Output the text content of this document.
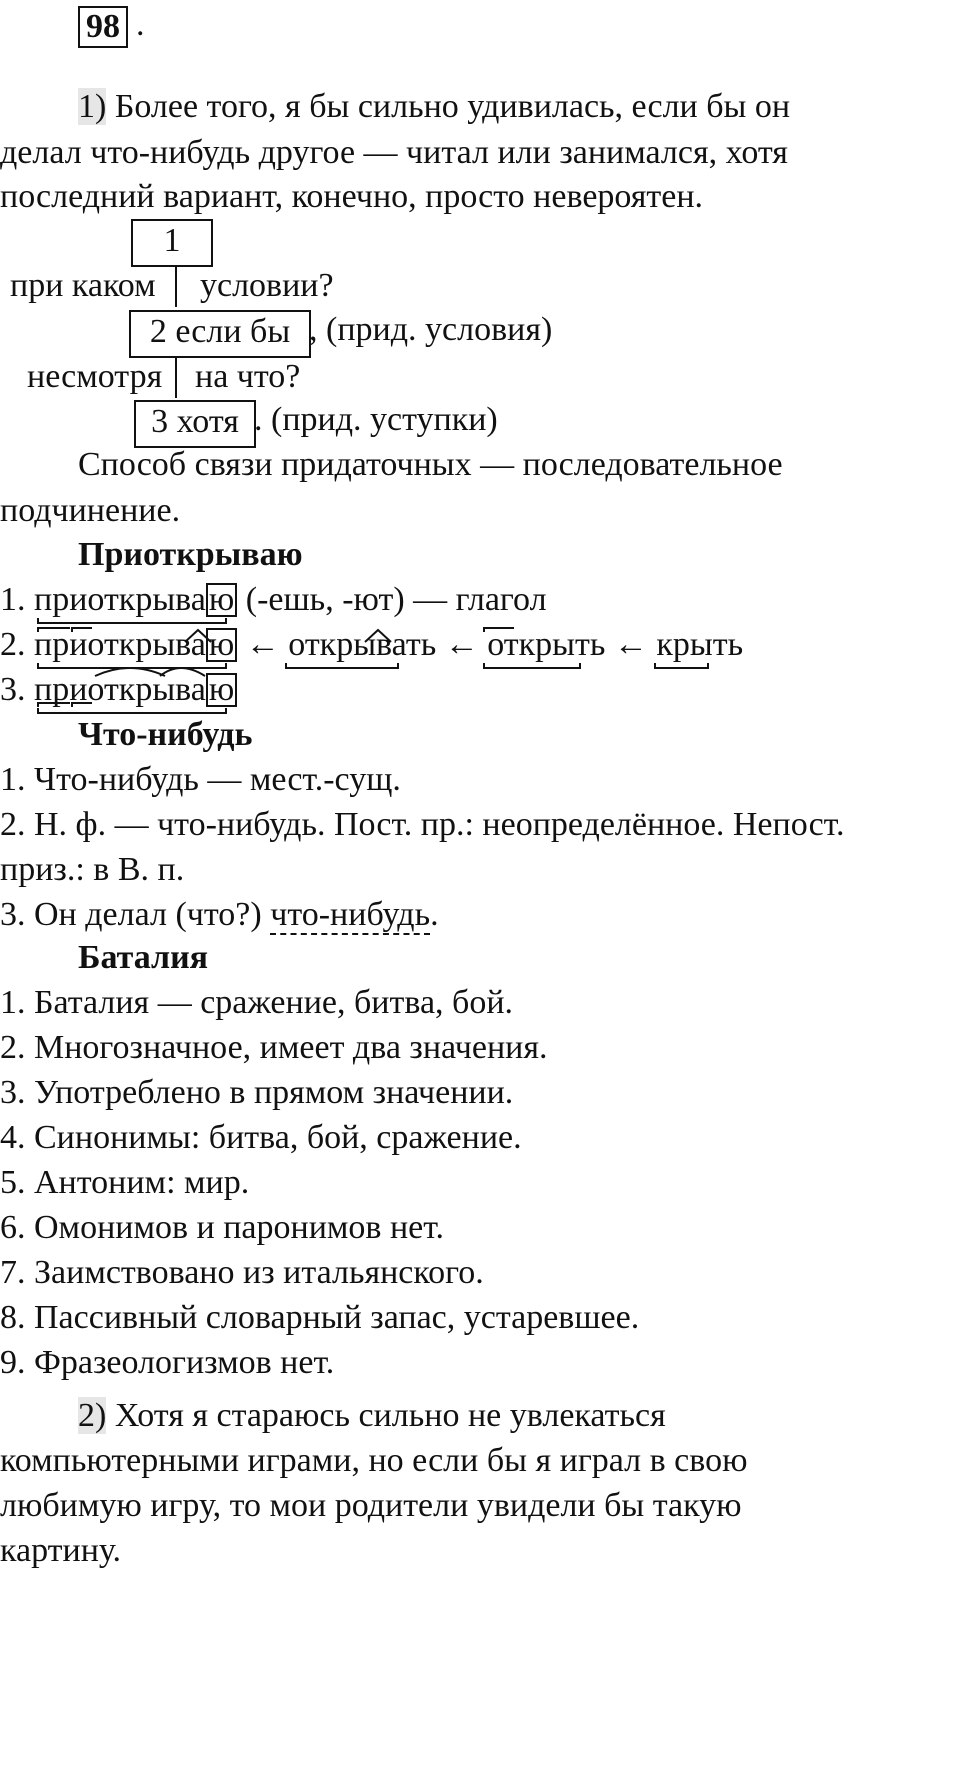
98 .
1) Более того, я бы сильно удивилась, если бы он
делал что-нибудь другое — читал или занимался, хотя
последний вариант, конечно, просто невероятен.
1
при каком условии?
2 если бы , (прид. условия)
несмотря на что?
3 хотя . (прид. уступки)
Способ связи придаточных — последовательное
подчинение.
Приоткрываю
1. приоткрываю (-ешь, -ют) — глагол
2. приоткрываю ← открывать ← открыть ← крыть
3. приоткрываю
Что-нибудь
1. Что-нибудь — мест.-сущ.
2. Н. ф. — что-нибудь. Пост. пр.: неопределённое. Непост.
приз.: в В. п.
3. Он делал (что?) что-нибудь.
Баталия
1. Баталия — сражение, битва, бой.
2. Многозначное, имеет два значения.
3. Употреблено в прямом значении.
4. Синонимы: битва, бой, сражение.
5. Антоним: мир.
6. Омонимов и паронимов нет.
7. Заимствовано из итальянского.
8. Пассивный словарный запас, устаревшее.
9. Фразеологизмов нет.
2) Хотя я стараюсь сильно не увлекаться
компьютерными играми, но если бы я играл в свою
любимую игру, то мои родители увидели бы такую
картину.
